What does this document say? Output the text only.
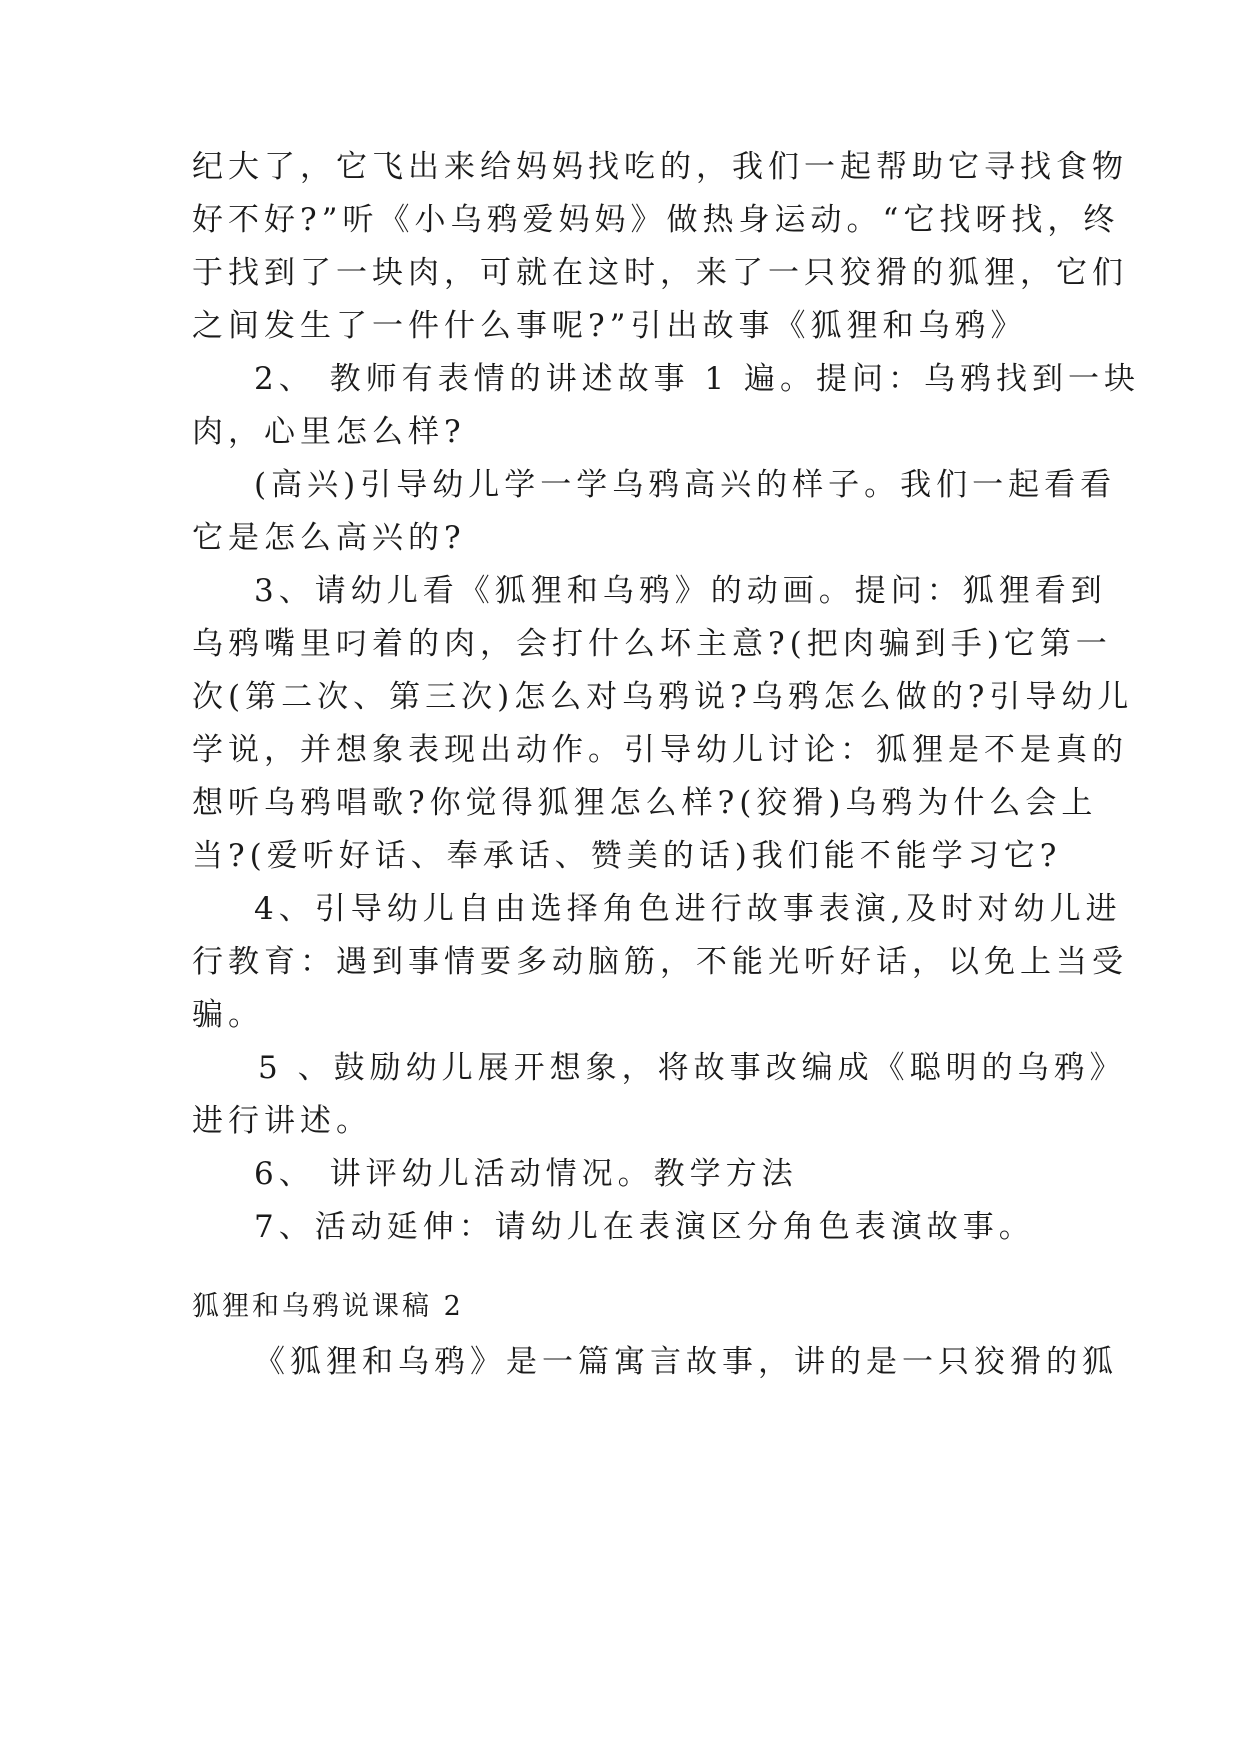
纪大了，它飞出来给妈妈找吃的，我们一起帮助它寻找食物
好不好?”听《小乌鸦爱妈妈》做热身运动。“它找呀找，终
于找到了一块肉，可就在这时，来了一只狡猾的狐狸，它们
之间发生了一件什么事呢?”引出故事《狐狸和乌鸦》
2、 教师有表情的讲述故事 1 遍。提问：乌鸦找到一块
肉，心里怎么样?
(高兴)引导幼儿学一学乌鸦高兴的样子。我们一起看看
它是怎么高兴的?
3、请幼儿看《狐狸和乌鸦》的动画。提问：狐狸看到
乌鸦嘴里叼着的肉，会打什么坏主意?(把肉骗到手)它第一
次(第二次、第三次)怎么对乌鸦说?乌鸦怎么做的?引导幼儿
学说，并想象表现出动作。引导幼儿讨论：狐狸是不是真的
想听乌鸦唱歌?你觉得狐狸怎么样?(狡猾)乌鸦为什么会上
当?(爱听好话、奉承话、赞美的话)我们能不能学习它?
4、引导幼儿自由选择角色进行故事表演,及时对幼儿进
行教育：遇到事情要多动脑筋，不能光听好话，以免上当受
骗。
5 、鼓励幼儿展开想象，将故事改编成《聪明的乌鸦》
进行讲述。
6、 讲评幼儿活动情况。教学方法
7、活动延伸：请幼儿在表演区分角色表演故事。
狐狸和乌鸦说课稿 2
《狐狸和乌鸦》是一篇寓言故事，讲的是一只狡猾的狐
